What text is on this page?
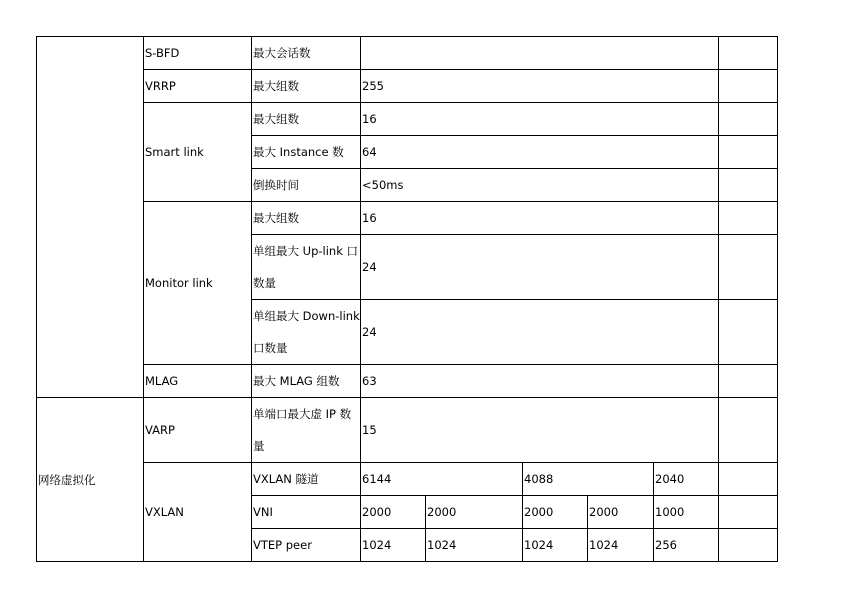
	S-BFD	最大会话数						
	VRRP	最大组数	255					
	Smart link	最大组数	16					
		最大 Instance 数	64					
		倒换时间	<50ms					
	Monitor link	最大组数	16					
		单组最大 Up-link 口数量	24					
		单组最大 Down-link 口数量	24					
	MLAG	最大 MLAG 组数	63					
网络虚拟化	VARP	单端口最大虚 IP 数量	15					
	VXLAN	VXLAN 隧道	6144		4088		2040	
		VNI	2000	2000	2000	2000	1000	
		VTEP peer	1024	1024	1024	1024	256	
